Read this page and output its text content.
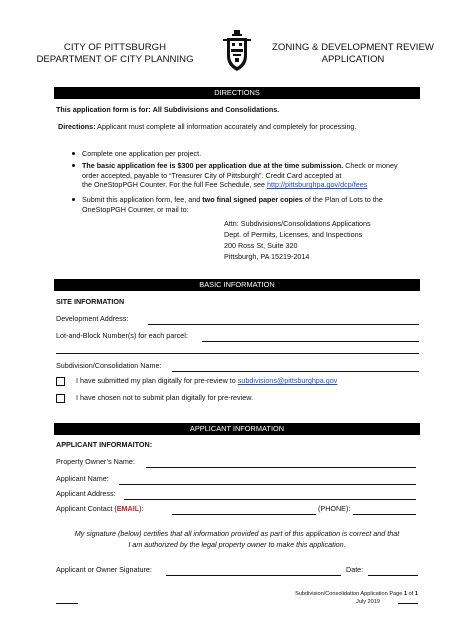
CITY OF PITTSBURGH
DEPARTMENT OF CITY PLANNING
ZONING & DEVELOPMENT REVIEW
APPLICATION
DIRECTIONS
This application form is for: All Subdivisions and Consolidations.
Directions: Applicant must complete all information accurately and completely for processing.
Complete one application per project.
The basic application fee is $300 per application due at the time submission. Check or money
order accepted, payable to “Treasurer City of Pittsburgh”. Credit Card accepted at
the OneStopPGH Counter. For the full Fee Schedule, see http://pittsburghpa.gov/dcp/fees
Submit this application form, fee, and two final signed paper copies of the Plan of Lots to the
OneStopPGH Counter, or mail to:
Attn: Subdivisions/Consolidations Applications
Dept. of Permits, Licenses, and Inspections
200 Ross St, Suite 320
Pittsburgh, PA 15219-2014
BASIC INFORMATION
SITE INFORMATION
Development Address:
Lot-and-Block Number(s) for each parcel:
Subdivision/Consolidation Name:
I have submitted my plan digitally for pre-review to subdivisions@pittsburghpa.gov
I have chosen not to submit plan digitally for pre-review.
APPLICANT INFORMATION
APPLICANT INFORMAITON:
Property Owner’s Name:
Applicant Name:
Applicant Address:
Applicant Contact (EMAIL):	(PHONE):
My signature (below) certifies that all information provided as part of this application is correct and that
I am authorized by the legal property owner to make this application.
Applicant or Owner Signature:	Date:
Subdivision/Consolidation Application Page 1 of 1
July 2019
